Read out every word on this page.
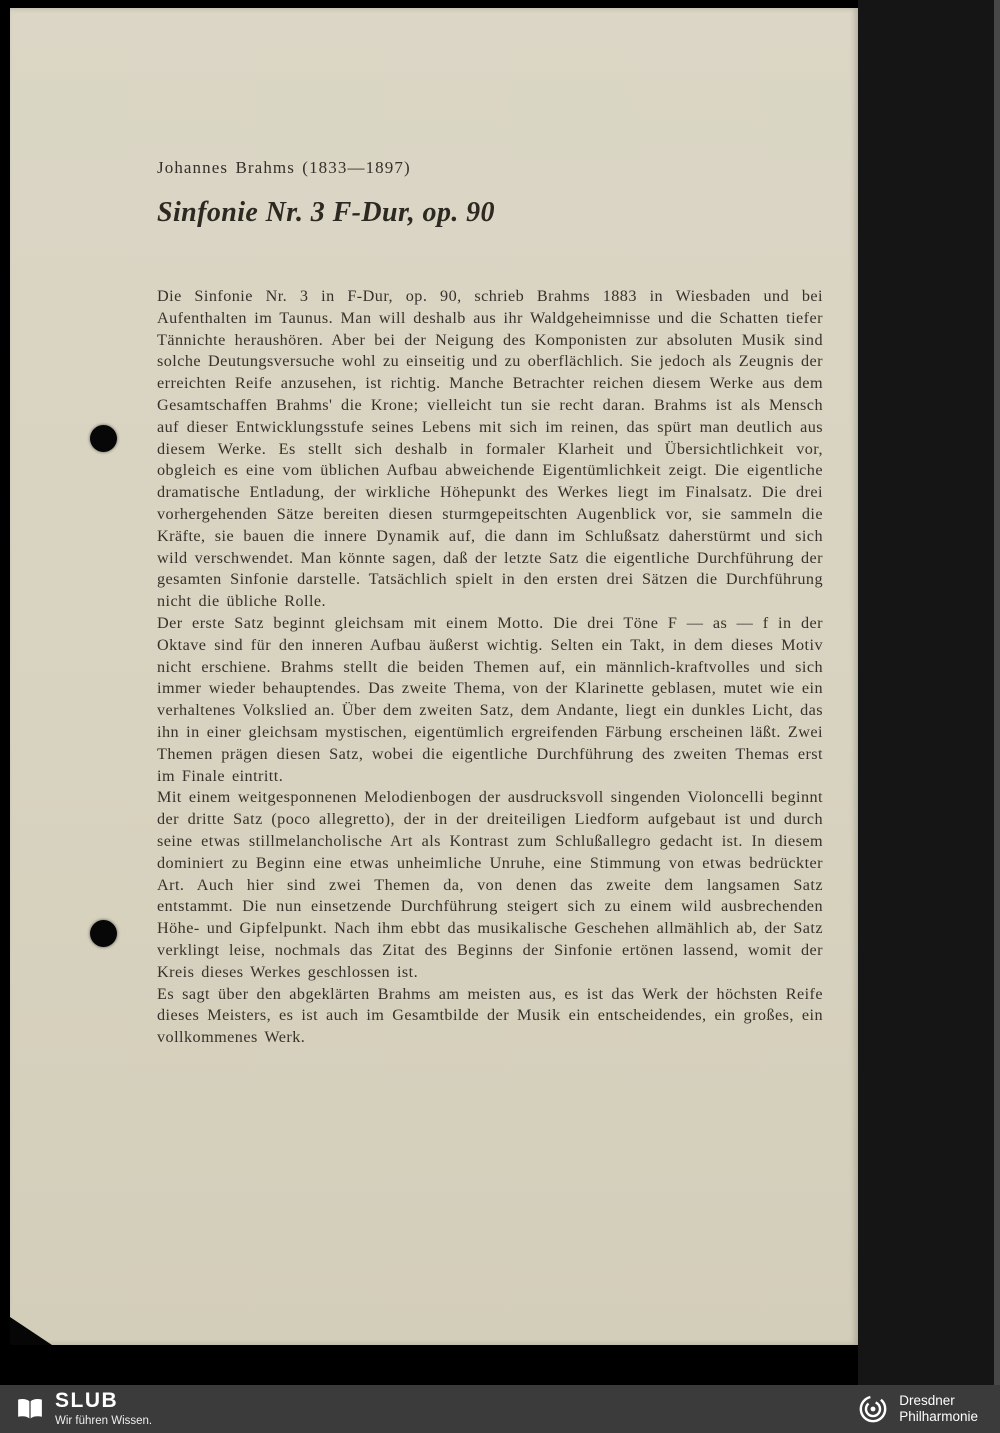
Johannes Brahms (1833—1897)
Sinfonie Nr. 3 F-Dur, op. 90

Die Sinfonie Nr. 3 in F-Dur, op. 90, schrieb Brahms 1883 in Wiesbaden und bei Aufenthalten im Taunus. Man will deshalb aus ihr Waldgeheimnisse und die Schatten tiefer Tännichte heraushören. Aber bei der Neigung des Komponisten zur absoluten Musik sind solche Deutungsversuche wohl zu einseitig und zu oberflächlich. Sie jedoch als Zeugnis der erreichten Reife anzusehen, ist richtig. Manche Betrachter reichen diesem Werke aus dem Gesamtschaffen Brahms' die Krone; vielleicht tun sie recht daran. Brahms ist als Mensch auf dieser Entwicklungsstufe seines Lebens mit sich im reinen, das spürt man deutlich aus diesem Werke. Es stellt sich deshalb in formaler Klarheit und Übersichtlichkeit vor, obgleich es eine vom üblichen Aufbau abweichende Eigentümlichkeit zeigt. Die eigentliche dramatische Entladung, der wirkliche Höhepunkt des Werkes liegt im Finalsatz. Die drei vorhergehenden Sätze bereiten diesen sturmgepeitschten Augenblick vor, sie sammeln die Kräfte, sie bauen die innere Dynamik auf, die dann im Schlußsatz daherstürmt und sich wild verschwendet. Man könnte sagen, daß der letzte Satz die eigentliche Durchführung der gesamten Sinfonie darstelle. Tatsächlich spielt in den ersten drei Sätzen die Durchführung nicht die übliche Rolle.

Der erste Satz beginnt gleichsam mit einem Motto. Die drei Töne F — as — f in der Oktave sind für den inneren Aufbau äußerst wichtig. Selten ein Takt, in dem dieses Motiv nicht erschiene. Brahms stellt die beiden Themen auf, ein männlich-kraftvolles und sich immer wieder behauptendes. Das zweite Thema, von der Klarinette geblasen, mutet wie ein verhaltenes Volkslied an. Über dem zweiten Satz, dem Andante, liegt ein dunkles Licht, das ihn in einer gleichsam mystischen, eigentümlich ergreifenden Färbung erscheinen läßt. Zwei Themen prägen diesen Satz, wobei die eigentliche Durchführung des zweiten Themas erst im Finale eintritt.

Mit einem weitgesponnenen Melodienbogen der ausdrucksvoll singenden Violoncelli beginnt der dritte Satz (poco allegretto), der in der dreiteiligen Liedform aufgebaut ist und durch seine etwas stillmelancholische Art als Kontrast zum Schlußallegro gedacht ist. In diesem dominiert zu Beginn eine etwas unheimliche Unruhe, eine Stimmung von etwas bedrückter Art. Auch hier sind zwei Themen da, von denen das zweite dem langsamen Satz entstammt. Die nun einsetzende Durchführung steigert sich zu einem wild ausbrechenden Höhe- und Gipfelpunkt. Nach ihm ebbt das musikalische Geschehen allmählich ab, der Satz verklingt leise, nochmals das Zitat des Beginns der Sinfonie ertönen lassend, womit der Kreis dieses Werkes geschlossen ist.

Es sagt über den abgeklärten Brahms am meisten aus, es ist das Werk der höchsten Reife dieses Meisters, es ist auch im Gesamtbilde der Musik ein entscheidendes, ein großes, ein vollkommenes Werk.

SLUB
Wir führen Wissen.
Dresdner
Philharmonie
